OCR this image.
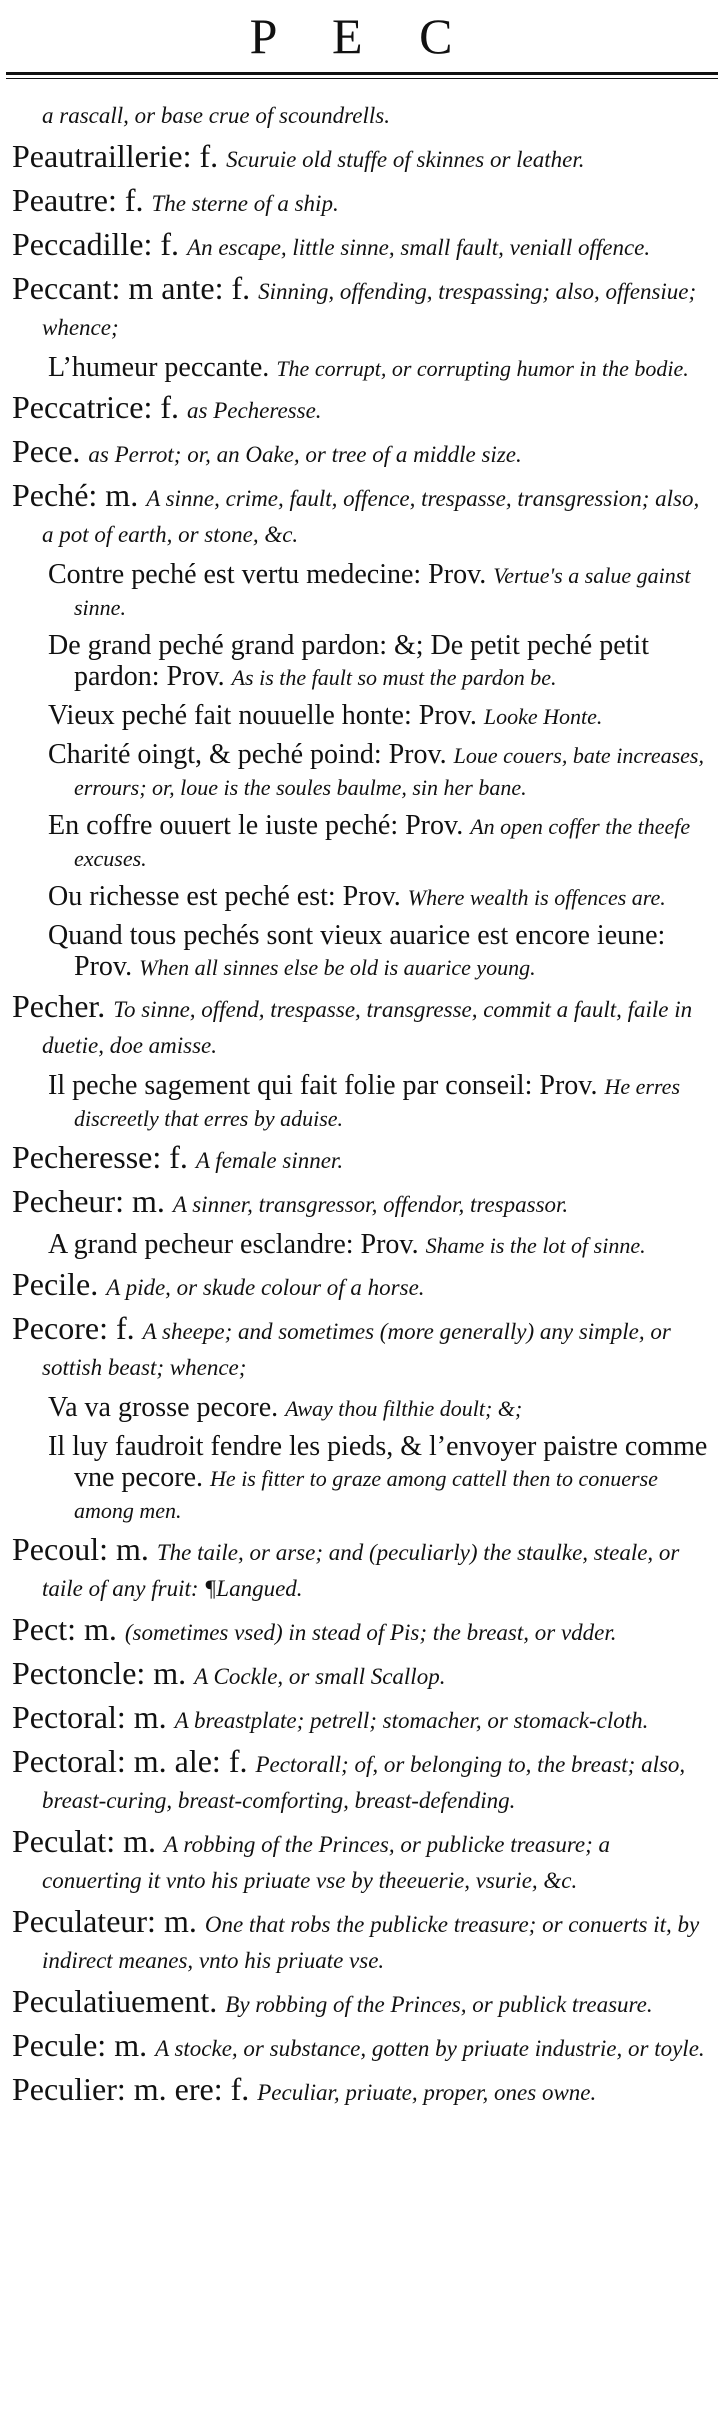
P E C
a rascall, or base crue of scoundrells.
Peautraillerie: f. Scuruie old stuffe of skinnes or leather.
Peautre: f. The sterne of a ship.
Peccadille: f. An escape, little sinne, small fault, veniall offence.
Peccant: m ante: f. Sinning, offending, trespassing; also, offensiue; whence;
L’humeur peccante. The corrupt, or corrupting humor in the bodie.
Peccatrice: f. as Pecheresse.
Pece. as Perrot; or, an Oake, or tree of a middle size.
Peché: m. A sinne, crime, fault, offence, trespasse, transgression; also, a pot of earth, or stone, &c.
Contre peché est vertu medecine: Prov. Vertue's a salue gainst sinne.
De grand peché grand pardon: &; De petit peché petit pardon: Prov. As is the fault so must the pardon be.
Vieux peché fait nouuelle honte: Prov. Looke Honte.
Charité oingt, & peché poind: Prov. Loue couers, bate increases, errours; or, loue is the soules baulme, sin her bane.
En coffre ouuert le iuste peché: Prov. An open coffer the theefe excuses.
Ou richesse est peché est: Prov. Where wealth is offences are.
Quand tous pechés sont vieux auarice est encore ieune: Prov. When all sinnes else be old is auarice young.
Pecher. To sinne, offend, trespasse, transgresse, commit a fault, faile in duetie, doe amisse.
Il peche sagement qui fait folie par conseil: Prov. He erres discreetly that erres by aduise.
Pecheresse: f. A female sinner.
Pecheur: m. A sinner, transgressor, offendor, trespassor.
A grand pecheur esclandre: Prov. Shame is the lot of sinne.
Pecile. A pide, or skude colour of a horse.
Pecore: f. A sheepe; and sometimes (more generally) any simple, or sottish beast; whence;
Va va grosse pecore. Away thou filthie doult; &;
Il luy faudroit fendre les pieds, & l’envoyer paistre comme vne pecore. He is fitter to graze among cattell then to conuerse among men.
Pecoul: m. The taile, or arse; and (peculiarly) the staulke, steale, or taile of any fruit: ¶Langued.
Pect: m. (sometimes vsed) in stead of Pis; the breast, or vdder.
Pectoncle: m. A Cockle, or small Scallop.
Pectoral: m. A breastplate; petrell; stomacher, or stomack-cloth.
Pectoral: m. ale: f. Pectorall; of, or belonging to, the breast; also, breast-curing, breast-comforting, breast-defending.
Peculat: m. A robbing of the Princes, or publicke treasure; a conuerting it vnto his priuate vse by theeuerie, vsurie, &c.
Peculateur: m. One that robs the publicke treasure; or conuerts it, by indirect meanes, vnto his priuate vse.
Peculatiuement. By robbing of the Princes, or publick treasure.
Pecule: m. A stocke, or substance, gotten by priuate industrie, or toyle.
Peculier: m. ere: f. Peculiar, priuate, proper, ones owne.
